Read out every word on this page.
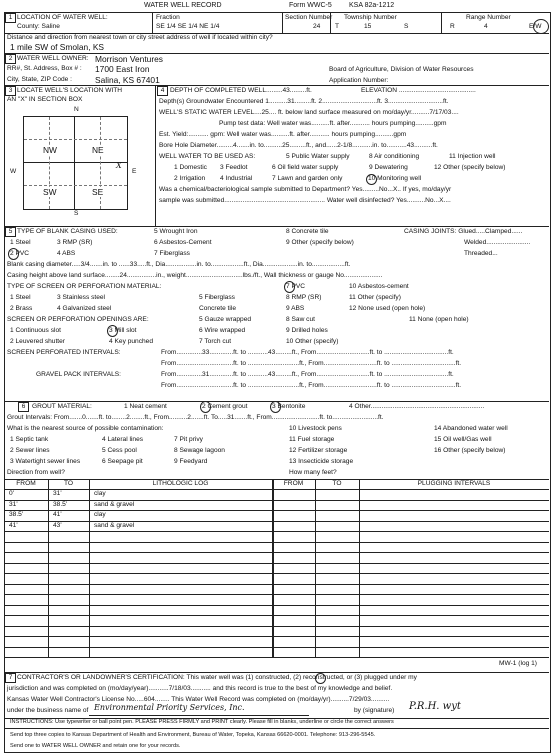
WATER WELL RECORD	Form WWC-5 KSA 82a-1212
1 LOCATION OF WATER WELL:
County: Saline
Fraction
SE 1/4 SE 1/4 NE 1/4
Section Number
24
Township Number
T	15	S
Range Number
R	4	E/W
Distance and direction from nearest town or city street address of well if located within city?
1 mile SW of Smolan, KS
2 WATER WELL OWNER: Morrison Ventures
RR#, St. Address, Box # : 1700 East Iron	Board of Agriculture, Division of Water Resources
City, State, ZIP Code :	Salina, KS 67401	Application Number:
3 LOCATE WELL'S LOCATION WITH
AN "X" IN SECTION BOX
N
S
W	E
NW	NE
SW	SE
X
4 DEPTH OF COMPLETED WELL.........43.........ft.	ELEVATION ..........................................
Depth(s) Groundwater Encountered 1..........31.........ft. 2..............................ft. 3..............................ft.
WELL'S STATIC WATER LEVEL....25.... ft. below land surface measured on mo/day/yr..........7/17/03....
Pump test data: Well water was..........ft. after........... hours pumping..........gpm
Est. Yield:........... gpm: Well water was..........ft. after........... hours pumping..........gpm
Bore Hole Diameter.........4.......in. to..........25.........ft., and......2-1/8...........in. to...........43..........ft.
WELL WATER TO BE USED AS:	5 Public Water supply	8 Air conditioning	11 Injection well
1 Domestic 3 Feedlot	6 Oil field water supply	9 Dewatering	12 Other (specify below)
2 Irrigation 4 Industrial	7 Lawn and garden only	10 Monitoring well
Was a chemical/bacteriological sample submitted to Department? Yes.........No...X.. If yes, mo/day/yr
sample was submitted....................................................... Water well disinfected? Yes..........No...X....
5 TYPE OF BLANK CASING USED:	5 Wrought Iron	8 Concrete tile	CASING JOINTS: Glued.....Clamped......
1 Steel	3 RMP (SR)	6 Asbestos-Cement	9 Other (specify below)	Welded........................
2 PVC	4 ABS	7 Fiberglass	Threaded...
Blank casing diameter.....3/4.......in. to ......33.....ft., Dia.................in. to..................ft., Dia...................in. to..................ft.
Casing height above land surface........24................in., weight...............................lbs./ft., Wall thickness or gauge No.....................
TYPE OF SCREEN OR PERFORATION MATERIAL:	7 PVC	10 Asbestos-cement
1 Steel	3 Stainless steel	5 Fiberglass	8 RMP (SR)	11 Other (specify)
2 Brass	4 Galvanized steel	Concrete tile	9 ABS	12 None used (open hole)
SCREEN OR PERFORATION OPENINGS ARE:	5 Gauze wrapped	8 Saw cut	11 None (open hole)
1 Continuous slot	3 Mill slot	6 Wire wrapped	9 Drilled holes
2 Leuvered shutter	4 Key punched	7 Torch cut	10 Other (specify)
SCREEN PERFORATED INTERVALS:	From..............33.............ft. to ...........43.........ft., From.............................ft. to ...................................ft.
From...............................ft. to ............................ft., From.............................ft. to ...................................ft.
GRAVEL PACK INTERVALS:	From..............31.............ft. to ...........43.........ft., From.............................ft. to ...................................ft.
From...............................ft. to ............................ft., From.............................ft. to ...................................ft.
6	GROUT MATERIAL:	1 Neat cement	2 Cement grout	3 Bentonite	4 Other..............................................................
Grout Intervals: From.......0.......ft. to........2........ft., From..........2.......ft. To.....31.......ft., From..........................ft. to.........................ft.
What is the nearest source of possible contamination:	10 Livestock pens	14 Abandoned water well
1 Septic tank	4 Lateral lines	7 Pit privy	11 Fuel storage	15 Oil well/Gas well
2 Sewer lines	5 Cess pool	8 Sewage lagoon	12 Fertilizer storage	16 Other (specify below)
3 Watertight sewer lines	6 Seepage pit	9 Feedyard	13 Insecticide storage
Direction from well?	How many feet?
MW-1 (log 1)
7 CONTRACTOR'S OR LANDOWNER'S CERTIFICATION: This water well was (1) constructed, (2) reconstructed, or (3) plugged under my
jurisdiction and was completed on (mo/day/year)...........7/18/03........... and this record is true to the best of my knowledge and belief.
Kansas Water Well Contractor's License No.....604........ This Water Well Record was completed on (mo/day/yr)..........7/29/03..........
under the business name of Environmental Priority Services, Inc.	by (signature) P.R.H. wyt
INSTRUCTIONS: Use typewriter or ball point pen. PLEASE PRESS FIRMLY and PRINT clearly. Please fill in blanks, underline or circle the correct answers
Send top three copies to Kansas Department of Health and Environment, Bureau of Water, Topeka, Kansas 66620-0001. Telephone: 913-296-5545.
Send one to WATER WELL OWNER and retain one for your records.
FROM	TO	LITHOLOGIC LOG	FROM	TO	PLUGGING INTERVALS
0'	31'	clay
31'	38.5'	sand & gravel
38.5'	41'	clay
41'	43'	sand & gravel
